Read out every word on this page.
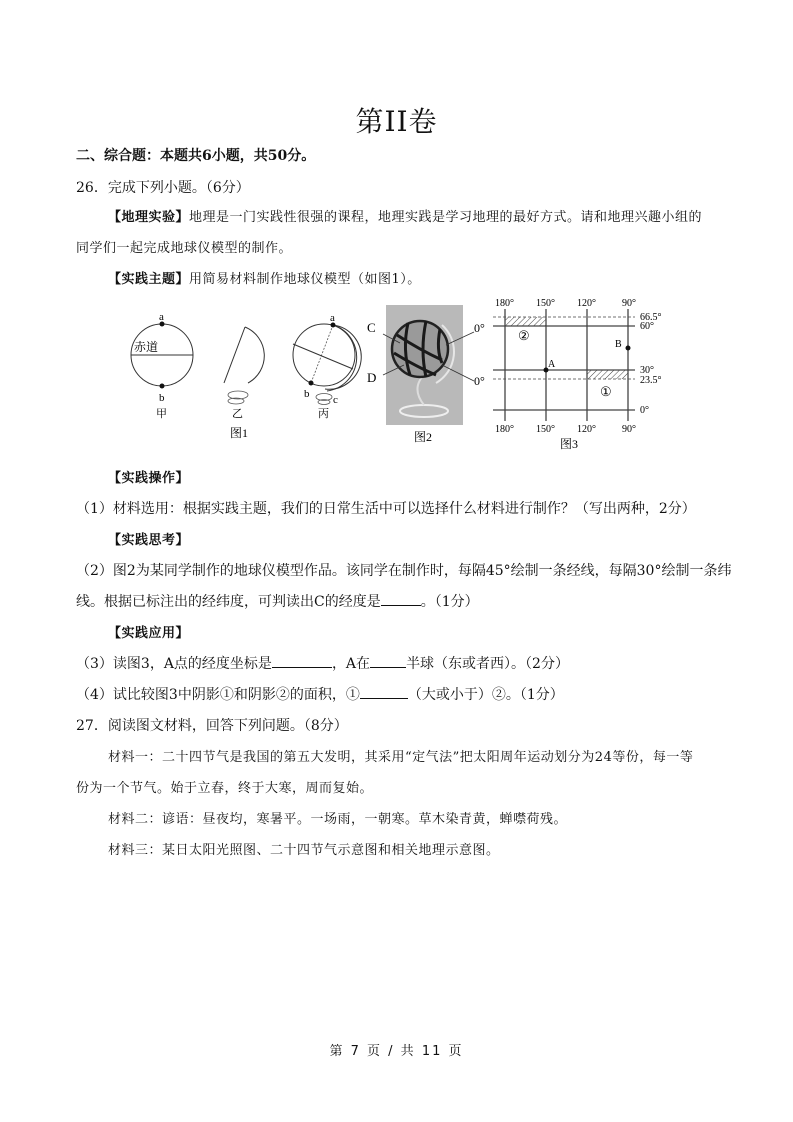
第II卷
二、综合题：本题共6小题，共50分。
26．完成下列小题。（6分）
【地理实验】地理是一门实践性很强的课程，地理实践是学习地理的最好方式。请和地理兴趣小组的
同学们一起完成地球仪模型的制作。
【实践主题】用简易材料制作地球仪模型（如图1）。
a
b
赤道
甲	乙
a
b c
丙
图1
C
D
0°
0°
图2
180° 150° 120°	90°
180° 150° 120°	90°
66.5°
60°
30°
23.5°
0°
A
B
①
②
图3
【实践操作】
（1）材料选用：根据实践主题，我们的日常生活中可以选择什么材料进行制作？（写出两种，2分）
【实践思考】
（2）图2为某同学制作的地球仪模型作品。该同学在制作时，每隔45°绘制一条经线，每隔30°绘制一条纬
线。根据已标注出的经纬度，可判读出C的经度是	。（1分）
【实践应用】
（3）读图3，A点的经度坐标是	，A在	半球（东或者西）。（2分）
（4）试比较图3中阴影①和阴影②的面积，①	（大或小于）②。（1分）
27．阅读图文材料，回答下列问题。（8分）
材料一：二十四节气是我国的第五大发明，其采用“定气法”把太阳周年运动划分为24等份，每一等
份为一个节气。始于立春，终于大寒，周而复始。
材料二：谚语：昼夜均，寒暑平。一场雨，一朝寒。草木染青黄，蝉噤荷残。
材料三：某日太阳光照图、二十四节气示意图和相关地理示意图。
第 7 页 / 共 11 页
